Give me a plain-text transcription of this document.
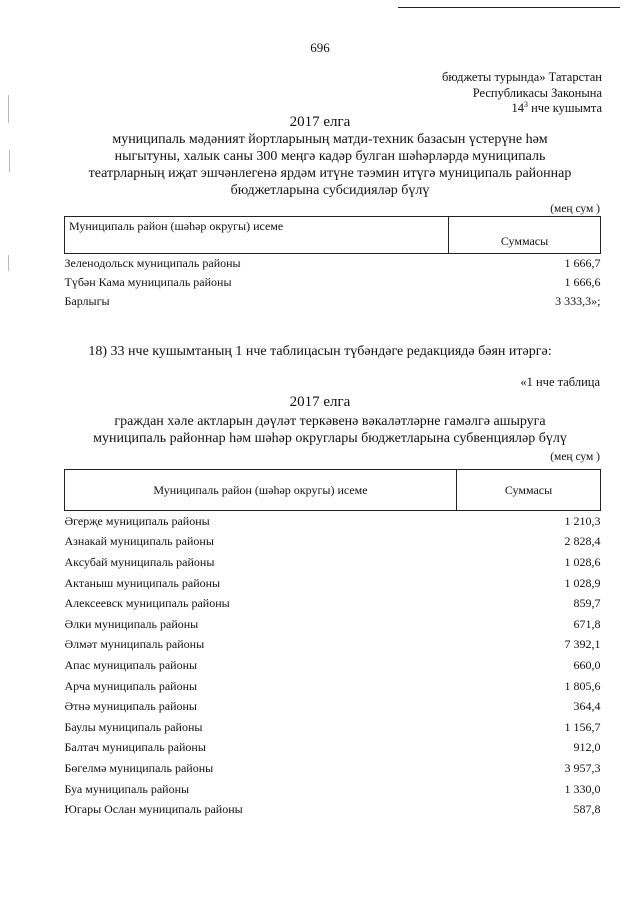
696
бюджеты турында» Татарстан
Республикасы Законына
$14^3$ нче кушымта
2017 елга
муниципаль мәдәният йортларының матди-техник базасын үстерүне һәм
ныгытуны, халык саны 300 меңгә кадәр булган шәһәрләрдә муниципаль
театрларның иҗат эшчәнлегенә ярдәм итүне тәэмин итүгә муниципаль районнар
бюджетларына субсидияләр бүлү
(мең сум )
Муниципаль район (шәһәр округы) исеме	Суммасы
Зеленодольск муниципаль районы	1 666,7
Түбән Кама муниципаль районы	1 666,6
Барлыгы	3 333,3»;
18) 33 нче кушымтаның 1 нче таблицасын түбәндәге редакциядә бәян итәргә:
«1 нче таблица
2017 елга
граждан хәле актларын дәүләт теркәвенә вәкаләтләрне гамәлгә ашыруга
муниципаль районнар һәм шәһәр округлары бюджетларына субвенцияләр бүлү
(мең сум )
Муниципаль район (шәһәр округы) исеме	Суммасы
Әгерҗе муниципаль районы	1 210,3
Азнакай муниципаль районы	2 828,4
Аксубай муниципаль районы	1 028,6
Актаныш муниципаль районы	1 028,9
Алексеевск муниципаль районы	859,7
Әлки муниципаль районы	671,8
Әлмәт муниципаль районы	7 392,1
Апас муниципаль районы	660,0
Арча муниципаль районы	1 805,6
Әтнә муниципаль районы	364,4
Баулы муниципаль районы	1 156,7
Балтач муниципаль районы	912,0
Бөгелмә муниципаль районы	3 957,3
Буа муниципаль районы	1 330,0
Югары Ослан муниципаль районы	587,8
